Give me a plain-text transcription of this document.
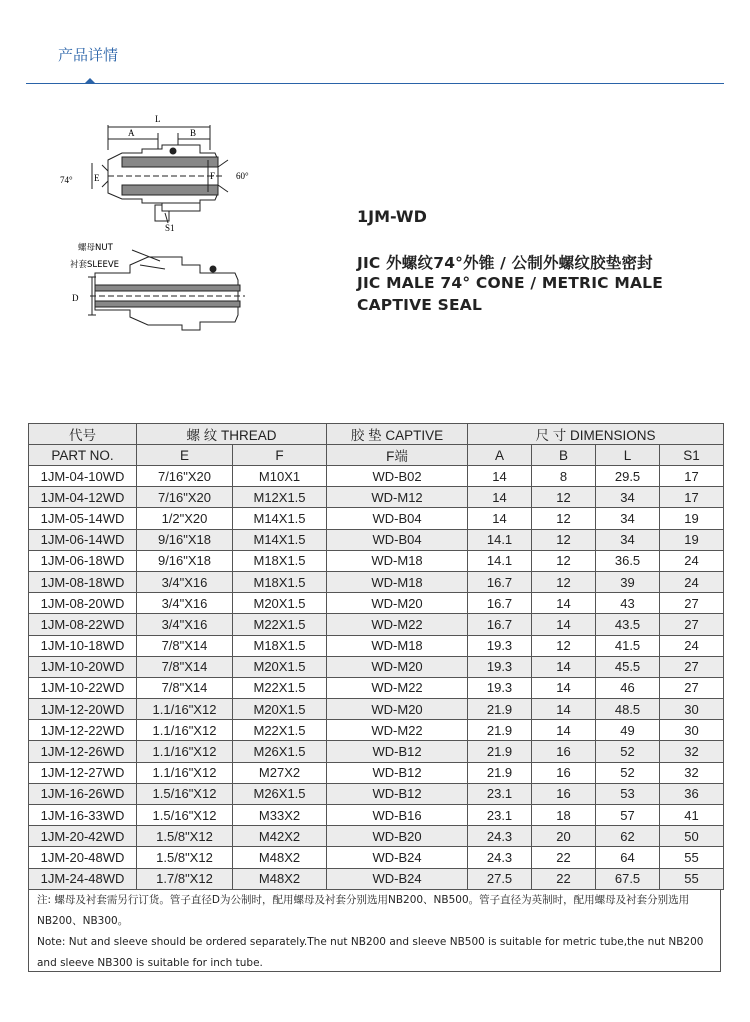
产品详情
L
A	B
F
E
S1
74°	60°
螺母NUT
衬套SLEEVE
D
1JM-WD
JIC 外螺纹74°外锥 / 公制外螺纹胶垫密封
JIC MALE 74° CONE / METRIC MALE
CAPTIVE SEAL
代号	螺 纹 THREAD		胶 垫 CAPTIVE	尺 寸 DIMENSIONS			
PART NO.	E	F	F端	A	B	L	S1
1JM-04-10WD	7/16"X20	M10X1	WD-B02	14	8	29.5	17
1JM-04-12WD	7/16"X20	M12X1.5	WD-M12	14	12	34	17
1JM-05-14WD	1/2"X20	M14X1.5	WD-B04	14	12	34	19
1JM-06-14WD	9/16"X18	M14X1.5	WD-B04	14.1	12	34	19
1JM-06-18WD	9/16"X18	M18X1.5	WD-M18	14.1	12	36.5	24
1JM-08-18WD	3/4"X16	M18X1.5	WD-M18	16.7	12	39	24
1JM-08-20WD	3/4"X16	M20X1.5	WD-M20	16.7	14	43	27
1JM-08-22WD	3/4"X16	M22X1.5	WD-M22	16.7	14	43.5	27
1JM-10-18WD	7/8"X14	M18X1.5	WD-M18	19.3	12	41.5	24
1JM-10-20WD	7/8"X14	M20X1.5	WD-M20	19.3	14	45.5	27
1JM-10-22WD	7/8"X14	M22X1.5	WD-M22	19.3	14	46	27
1JM-12-20WD	1.1/16"X12	M20X1.5	WD-M20	21.9	14	48.5	30
1JM-12-22WD	1.1/16"X12	M22X1.5	WD-M22	21.9	14	49	30
1JM-12-26WD	1.1/16"X12	M26X1.5	WD-B12	21.9	16	52	32
1JM-12-27WD	1.1/16"X12	M27X2	WD-B12	21.9	16	52	32
1JM-16-26WD	1.5/16"X12	M26X1.5	WD-B12	23.1	16	53	36
1JM-16-33WD	1.5/16"X12	M33X2	WD-B16	23.1	18	57	41
1JM-20-42WD	1.5/8"X12	M42X2	WD-B20	24.3	20	62	50
1JM-20-48WD	1.5/8"X12	M48X2	WD-B24	24.3	22	64	55
1JM-24-48WD	1.7/8"X12	M48X2	WD-B24	27.5	22	67.5	55
注: 螺母及衬套需另行订货。管子直径D为公制时，配用螺母及衬套分别选用NB200、NB500。管子直径为英制时，配用螺母及衬套分别选用
NB200、NB300。
Note: Nut and sleeve should be ordered separately.The nut NB200 and sleeve NB500 is suitable for metric tube,the nut NB200
and sleeve NB300 is suitable for inch tube.
